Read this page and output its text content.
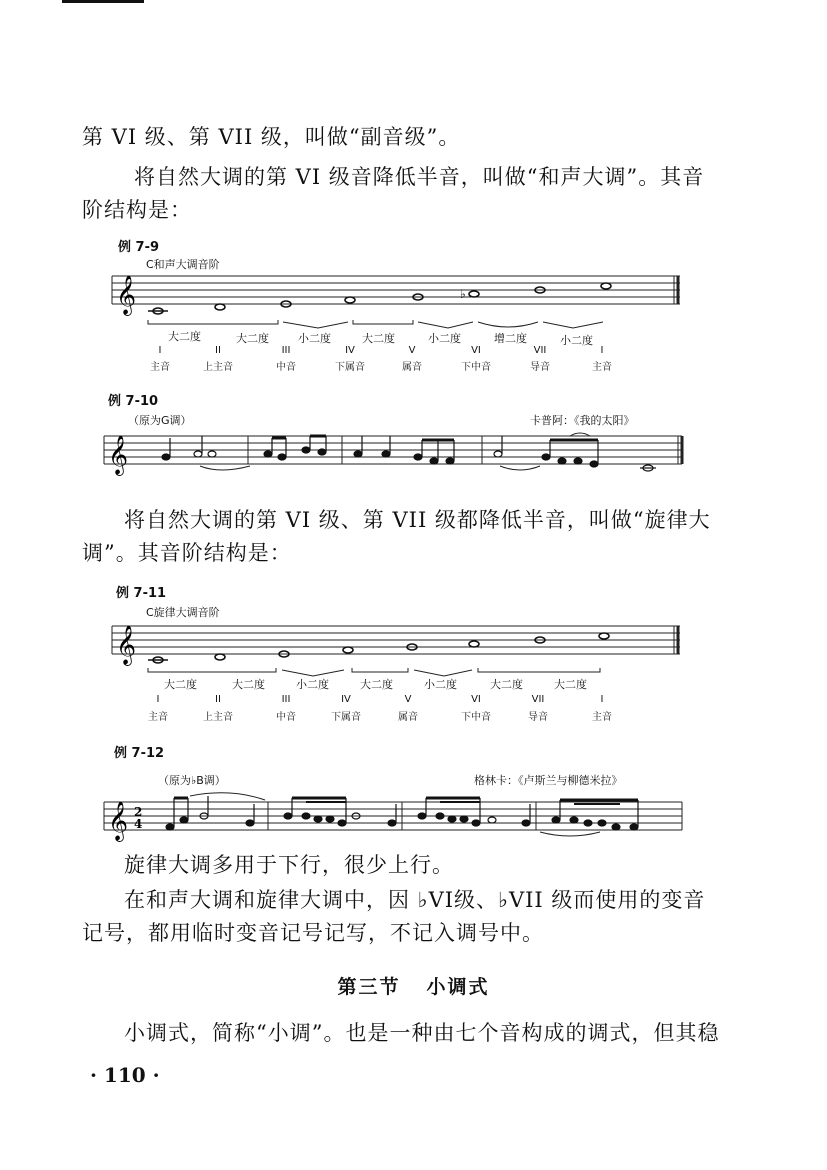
第 VI 级、第 VII 级，叫做“副音级”。

将自然大调的第 VI 级音降低半音，叫做“和声大调”。其音

阶结构是：

例 7-9
C和声大调音阶
𝄞	♭
大二度	大二度	小二度	大二度	小二度	增二度	小二度
I	II	III	IV	V	VI	VII	I
主音	上主音	中音	下属音	属音	下中音	导音	主音
例 7-10
（原为G调）	卡普阿：《我的太阳》
𝄞

将自然大调的第 VI 级、第 VII 级都降低半音，叫做“旋律大

调”。其音阶结构是：

例 7-11
C旋律大调音阶
𝄞
大二度	大二度	小二度	大二度	小二度	大二度	大二度
I	II	III	IV	V	VI	VII	I
主音	上主音	中音	下属音	属音	下中音	导音	主音
例 7-12
（原为♭B调）	格林卡：《卢斯兰与柳德米拉》
𝄞 2
4

旋律大调多用于下行，很少上行。

在和声大调和旋律大调中，因 ♭VI级、♭VII 级而使用的变音

记号，都用临时变音记号记写，不记入调号中。

第三节 小调式

小调式，简称“小调”。也是一种由七个音构成的调式，但其稳

· 110 ·
